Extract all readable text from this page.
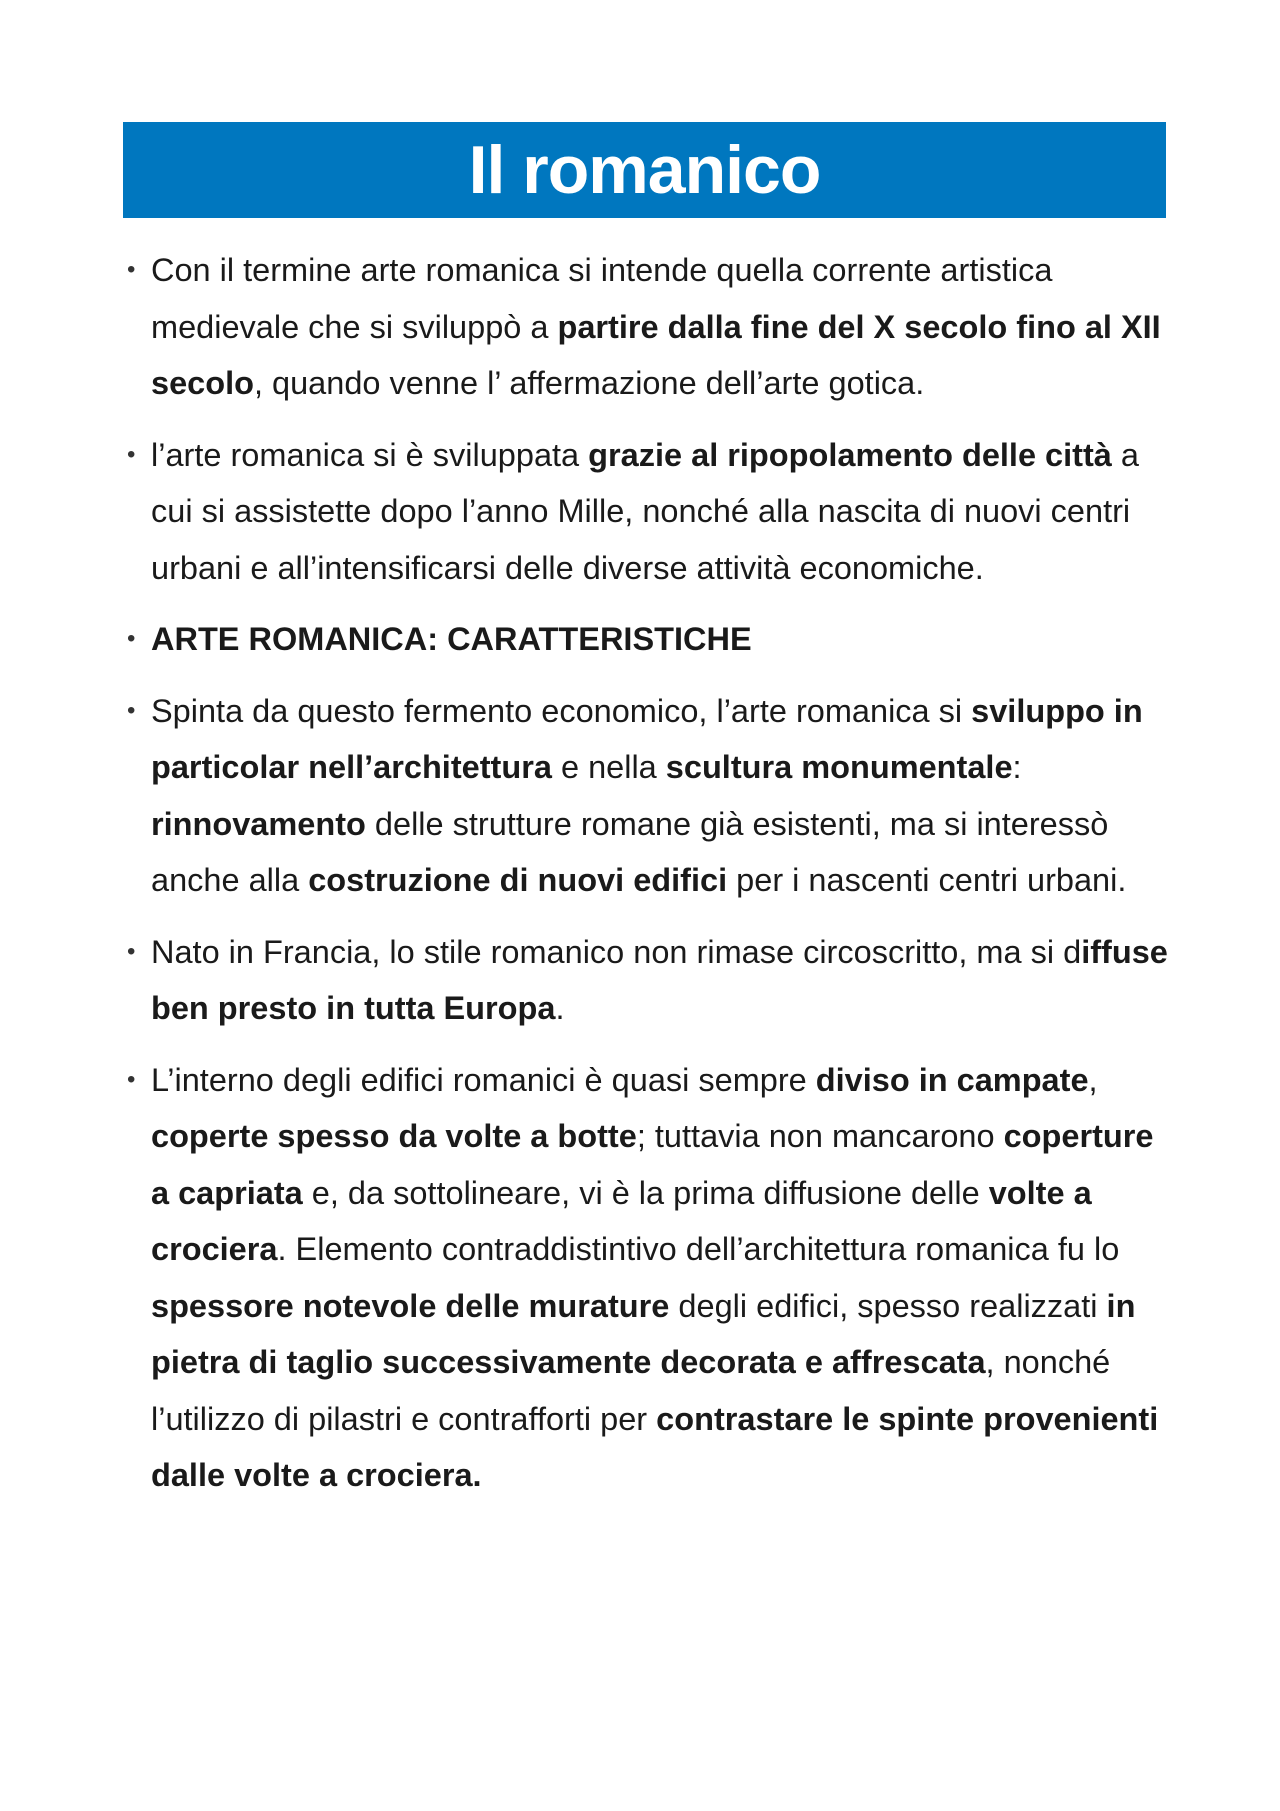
Il romanico
• Con il termine arte romanica si intende quella corrente artistica medievale che si sviluppò a partire dalla fine del X secolo fino al XII secolo, quando venne l’ affermazione dell’arte gotica.
• l’arte romanica si è sviluppata grazie al ripopolamento delle città a cui si assistette dopo l’anno Mille, nonché alla nascita di nuovi centri urbani e all’intensificarsi delle diverse attività economiche.
• ARTE ROMANICA: CARATTERISTICHE
• Spinta da questo fermento economico, l’arte romanica si sviluppo in particolar nell’architettura e nella scultura monumentale: rinnovamento delle strutture romane già esistenti, ma si interessò anche alla costruzione di nuovi edifici per i nascenti centri urbani.
• Nato in Francia, lo stile romanico non rimase circoscritto, ma si diffuse ben presto in tutta Europa.
• L’interno degli edifici romanici è quasi sempre diviso in campate, coperte spesso da volte a botte; tuttavia non mancarono coperture a capriata e, da sottolineare, vi è la prima diffusione delle volte a crociera. Elemento contraddistintivo dell’architettura romanica fu lo spessore notevole delle murature degli edifici, spesso realizzati in pietra di taglio successivamente decorata e affrescata, nonché l’utilizzo di pilastri e contrafforti per contrastare le spinte provenienti dalle volte a crociera.
